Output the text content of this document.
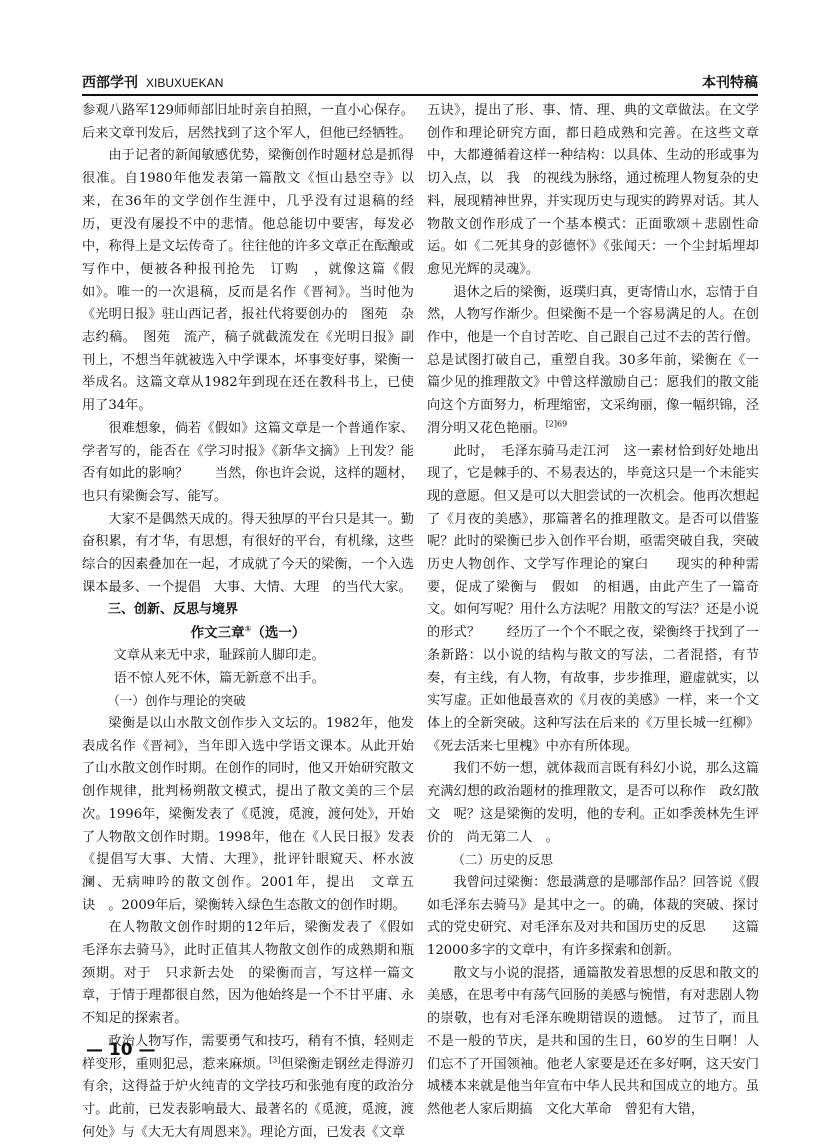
西部学刊 XIBUXUEKAN	本刊特稿

参观八路军129师师部旧址时亲自拍照，一直小心保存。后来文章刊发后，居然找到了这个军人，但他已经牺牲。

由于记者的新闻敏感优势，梁衡创作时题材总是抓得很准。自1980年他发表第一篇散文《恒山悬空寺》以来，在36年的文学创作生涯中，几乎没有过退稿的经历，更没有屡投不中的悲情。他总能切中要害，每发必中，称得上是文坛传奇了。往往他的许多文章正在酝酿或写作中，便被各种报刊抢先　订购　，就像这篇《假如》。唯一的一次退稿，反而是名作《晋祠》。当时他为《光明日报》驻山西记者，报社代将要创办的　图苑　杂志约稿。　图苑　流产，稿子就截流发在《光明日报》副刊上，不想当年就被选入中学课本，坏事变好事，梁衡一举成名。这篇文章从1982年到现在还在教科书上，已使用了34年。

很难想象，倘若《假如》这篇文章是一个普通作家、学者写的，能否在《学习时报》《新华文摘》上刊发？能否有如此的影响？　　当然，你也许会说，这样的题材，也只有梁衡会写、能写。

大家不是偶然天成的。得天独厚的平台只是其一。勤奋积累，有才华，有思想，有很好的平台，有机缘，这些综合的因素叠加在一起，才成就了今天的梁衡，一个入选课本最多、一个提倡　大事、大情、大理　的当代大家。

三、创新、反思与境界

作文三章①（选一）

文章从来无中求，耻踩前人脚印走。

语不惊人死不休，篇无新意不出手。

（一）创作与理论的突破

梁衡是以山水散文创作步入文坛的。1982年，他发表成名作《晋祠》，当年即入选中学语文课本。从此开始了山水散文创作时期。在创作的同时，他又开始研究散文创作规律，批判杨朔散文模式，提出了散文美的三个层次。1996年，梁衡发表了《觅渡，觅渡，渡何处》，开始了人物散文创作时期。1998年，他在《人民日报》发表《提倡写大事、大情、大理》，批评针眼窥天、杯水波澜、无病呻吟的散文创作。2001年，提出　文章五诀　。2009年后，梁衡转入绿色生态散文的创作时期。

在人物散文创作时期的12年后，梁衡发表了《假如毛泽东去骑马》，此时正值其人物散文创作的成熟期和瓶颈期。对于　只求新去处　的梁衡而言，写这样一篇文章，于情于理都很自然，因为他始终是一个不甘平庸、永不知足的探索者。

政治人物写作，需要勇气和技巧，稍有不慎，轻则走样变形，重则犯忌，惹来麻烦。[3]但梁衡走钢丝走得游刃有余，这得益于炉火纯青的文学技巧和张弛有度的政治分寸。此前，已发表影响最大、最著名的《觅渡，觅渡，渡何处》与《大无大有周恩来》。理论方面，已发表《文章

五诀》，提出了形、事、情、理、典的文章做法。在文学创作和理论研究方面，都日趋成熟和完善。在这些文章中，大都遵循着这样一种结构：以具体、生动的形或事为切入点，以　我　的视线为脉络，通过梳理人物复杂的史料，展现精神世界，并实现历史与现实的跨界对话。其人物散文创作形成了一个基本模式：正面歌颂＋悲剧性命运。如《二死其身的彭德怀》《张闻天：一个尘封垢埋却愈见光辉的灵魂》。

退休之后的梁衡，返璞归真，更寄情山水，忘情于自然，人物写作渐少。但梁衡不是一个容易满足的人。在创作中，他是一个自讨苦吃、自己跟自己过不去的苦行僧。总是试图打破自己，重塑自我。30多年前，梁衡在《一篇少见的推理散文》中曾这样激励自己：愿我们的散文能向这个方面努力，析理缩密，文采绚丽，像一幅织锦，泾渭分明又花色艳丽。$^{[2]69}$

此时，　毛泽东骑马走江河　这一素材恰到好处地出现了，它是棘手的、不易表达的，毕竟这只是一个未能实现的意愿。但又是可以大胆尝试的一次机会。他再次想起了《月夜的美感》，那篇著名的推理散文。是否可以借鉴呢？此时的梁衡已步入创作平台期，亟需突破自我，突破历史人物创作、文学写作理论的窠臼　　现实的种种需要，促成了梁衡与　假如　的相遇，由此产生了一篇奇文。如何写呢？用什么方法呢？用散文的写法？还是小说的形式？　　经历了一个个不眠之夜，梁衡终于找到了一条新路：以小说的结构与散文的写法，二者混搭，有节奏，有主线，有人物，有故事，步步推理，避虚就实，以实写虚。正如他最喜欢的《月夜的美感》一样，来一个文体上的全新突破。这种写法在后来的《万里长城一红柳》《死去活来七里槐》中亦有所体现。

我们不妨一想，就体裁而言既有科幻小说，那么这篇充满幻想的政治题材的推理散文，是否可以称作　政幻散文　呢？这是梁衡的发明，他的专利。正如季羡林先生评价的　尚无第二人　。

（二）历史的反思

我曾问过梁衡：您最满意的是哪部作品？回答说《假如毛泽东去骑马》是其中之一。的确，体裁的突破、探讨式的党史研究、对毛泽东及对共和国历史的反思　　这篇12000多字的文章中，有许多探索和创新。

散文与小说的混搭，通篇散发着思想的反思和散文的美感，在思考中有荡气回肠的美感与惋惜，有对悲剧人物的崇敬，也有对毛泽东晚期错误的遗憾。　过节了，而且不是一般的节庆，是共和国的生日，60岁的生日啊！人们忘不了开国领袖。他老人家要是还在多好啊，这天安门城楼本来就是他当年宣布中华人民共和国成立的地方。虽然他老人家后期搞　文化大革命　曾犯有大错，

— 10 —
